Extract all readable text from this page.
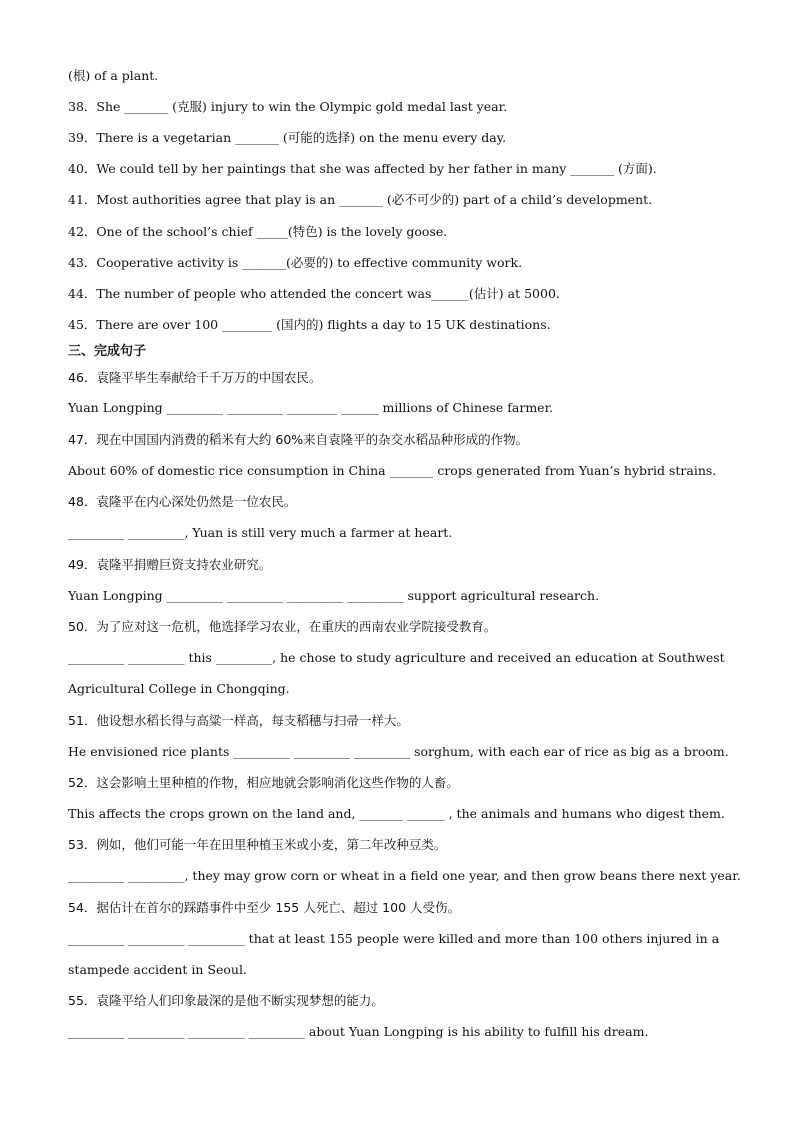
(根) of a plant.
38．She _______ (克服) injury to win the Olympic gold medal last year.
39．There is a vegetarian _______ (可能的选择) on the menu every day.
40．We could tell by her paintings that she was affected by her father in many _______ (方面).
41．Most authorities agree that play is an _______ (必不可少的) part of a child’s development.
42．One of the school’s chief _____(特色) is the lovely goose.
43．Cooperative activity is _______(必要的) to effective community work.
44．The number of people who attended the concert was______(估计) at 5000.
45．There are over 100 ________ (国内的) flights a day to 15 UK destinations.
三、完成句子
46．袁隆平毕生奉献给千千万万的中国农民。
Yuan Longping _________ _________ ________ ______ millions of Chinese farmer.
47．现在中国国内消费的稻米有大约 60%来自袁隆平的杂交水稻品种形成的作物。
About 60% of domestic rice consumption in China _______ crops generated from Yuan’s hybrid strains.
48．袁隆平在内心深处仍然是一位农民。
_________ _________, Yuan is still very much a farmer at heart.
49．袁隆平捐赠巨资支持农业研究。
Yuan Longping _________ _________ _________ _________ support agricultural research.
50．为了应对这一危机，他选择学习农业，在重庆的西南农业学院接受教育。
_________ _________ this _________, he chose to study agriculture and received an education at Southwest
Agricultural College in Chongqing.
51．他设想水稻长得与高粱一样高，每支稻穗与扫帚一样大。
He envisioned rice plants _________ _________ _________ sorghum, with each ear of rice as big as a broom.
52．这会影响土里种植的作物，相应地就会影响消化这些作物的人畜。
This affects the crops grown on the land and, _______ ______ , the animals and humans who digest them.
53．例如，他们可能一年在田里种植玉米或小麦，第二年改种豆类。
_________ _________, they may grow corn or wheat in a field one year, and then grow beans there next year.
54．据估计在首尔的踩踏事件中至少 155 人死亡、超过 100 人受伤。
_________ _________ _________ that at least 155 people were killed and more than 100 others injured in a
stampede accident in Seoul.
55．袁隆平给人们印象最深的是他不断实现梦想的能力。
_________ _________ _________ _________ about Yuan Longping is his ability to fulfill his dream.
